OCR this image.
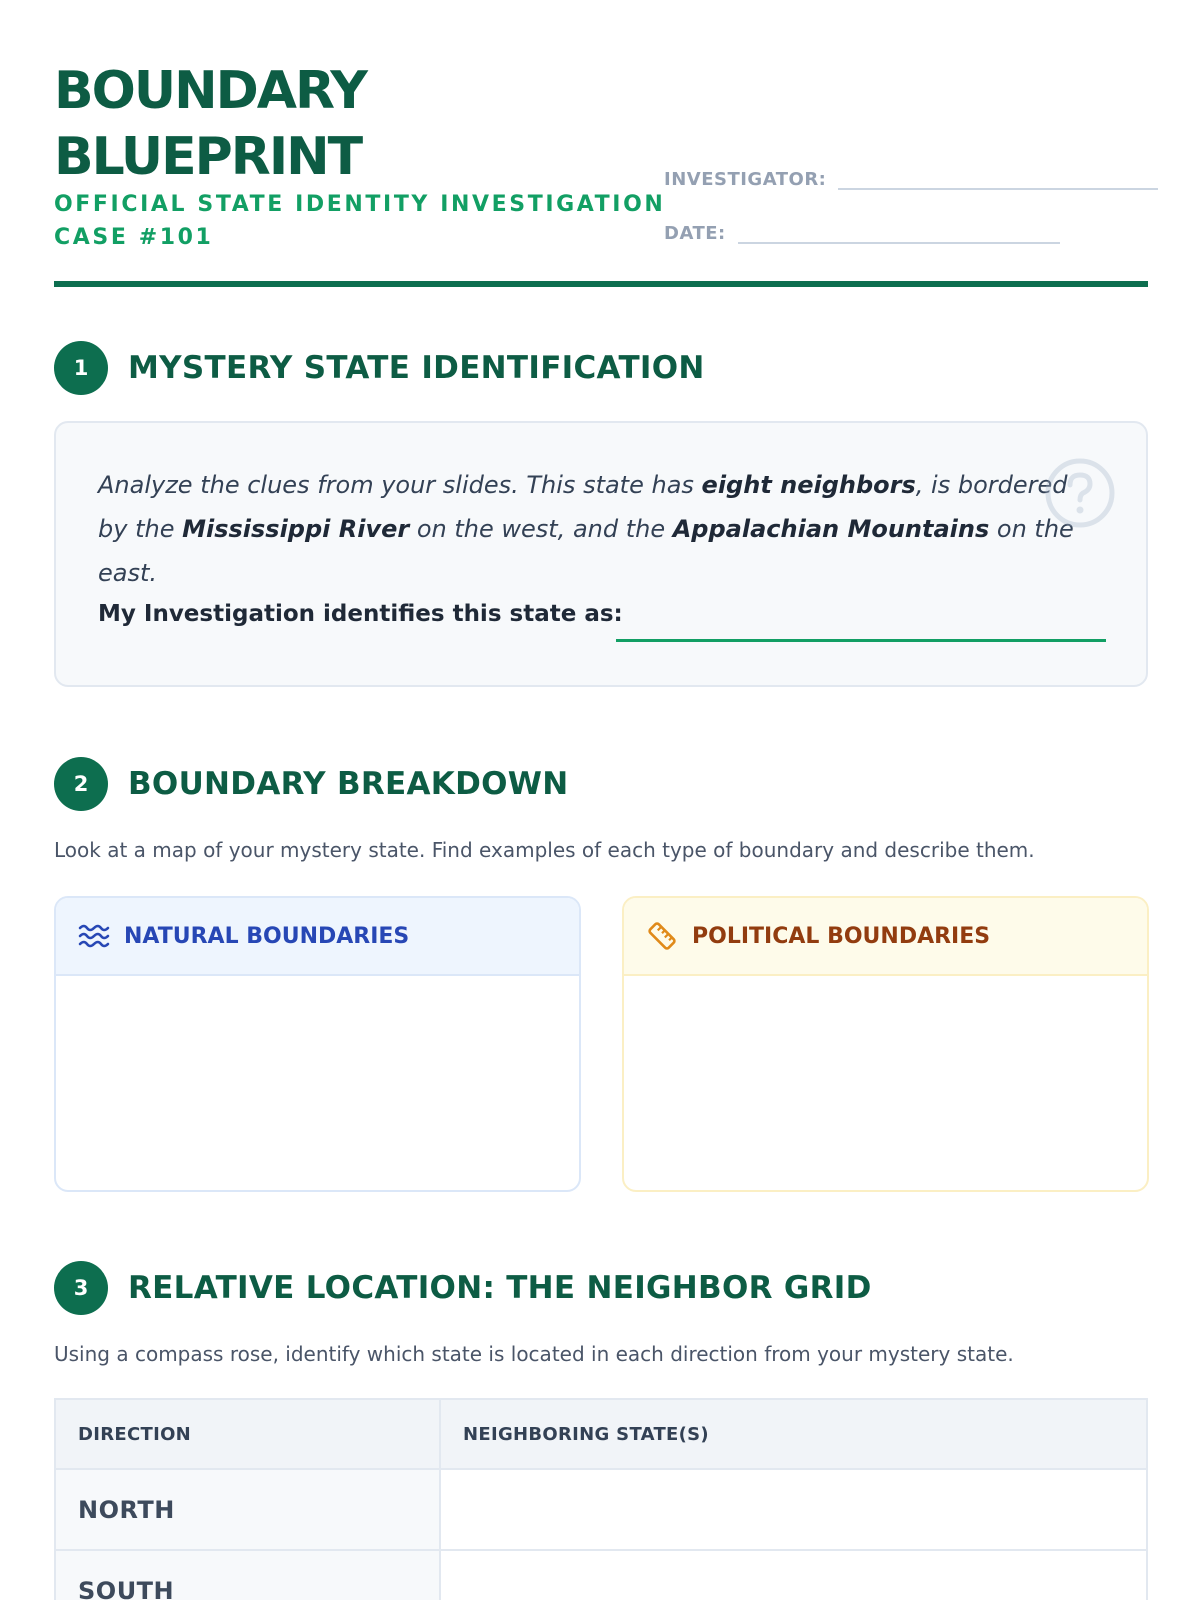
BOUNDARY
BLUEPRINT
OFFICIAL STATE IDENTITY INVESTIGATION
CASE #101
INVESTIGATOR:
DATE:
1	MYSTERY STATE IDENTIFICATION
Analyze the clues from your slides. This state has eight neighbors, is bordered by the Mississippi River on the west, and the Appalachian Mountains on the east.
My Investigation identifies this state as:
2	BOUNDARY BREAKDOWN
Look at a map of your mystery state. Find examples of each type of boundary and describe them.
NATURAL BOUNDARIES	POLITICAL BOUNDARIES
3	RELATIVE LOCATION: THE NEIGHBOR GRID
Using a compass rose, identify which state is located in each direction from your mystery state.
DIRECTION	NEIGHBORING STATE(S)
NORTH
SOUTH
